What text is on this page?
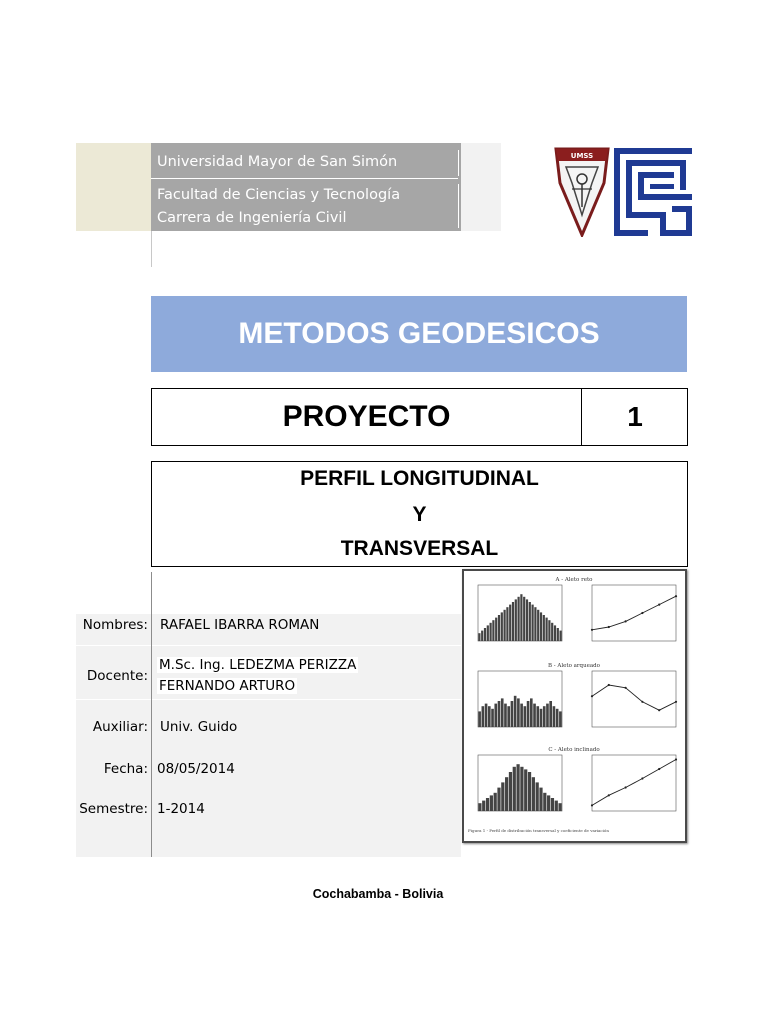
Universidad Mayor de San Simón
Facultad de Ciencias y Tecnología
Carrera de Ingeniería Civil
UMSS
METODOS GEODESICOS
PROYECTO	1
PERFIL LONGITUDINAL
Y
TRANSVERSAL
Nombres: RAFAEL IBARRA ROMAN
Docente:
M.Sc. Ing. LEDEZMA PERIZZA
FERNANDO ARTURO
Auxiliar: Univ. Guido
Fecha: 08/05/2014
Semestre: 1-2014
A - Aleto reto
B - Aleto arqueado
C - Aleto inclinado
Figura 1 - Perfil de distribución transversal y coeficiente de variación
Cochabamba - Bolivia
